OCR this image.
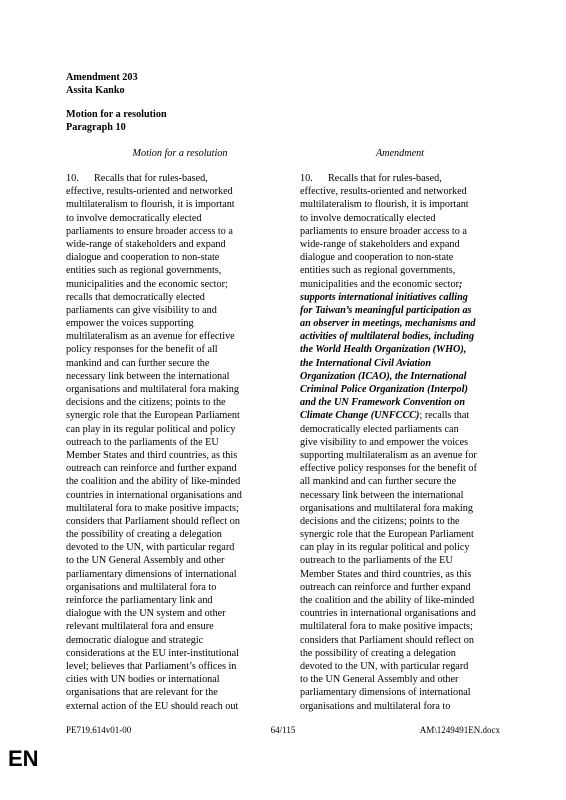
Amendment 203
Assita Kanko
Motion for a resolution
Paragraph 10
Motion for a resolution	Amendment
10.      Recalls that for rules-based,
effective, results-oriented and networked
multilateralism to flourish, it is important
to involve democratically elected
parliaments to ensure broader access to a
wide-range of stakeholders and expand
dialogue and cooperation to non-state
entities such as regional governments,
municipalities and the economic sector;
recalls that democratically elected
parliaments can give visibility to and
empower the voices supporting
multilateralism as an avenue for effective
policy responses for the benefit of all
mankind and can further secure the
necessary link between the international
organisations and multilateral fora making
decisions and the citizens; points to the
synergic role that the European Parliament
can play in its regular political and policy
outreach to the parliaments of the EU
Member States and third countries, as this
outreach can reinforce and further expand
the coalition and the ability of like-minded
countries in international organisations and
multilateral fora to make positive impacts;
considers that Parliament should reflect on
the possibility of creating a delegation
devoted to the UN, with particular regard
to the UN General Assembly and other
parliamentary dimensions of international
organisations and multilateral fora to
reinforce the parliamentary link and
dialogue with the UN system and other
relevant multilateral fora and ensure
democratic dialogue and strategic
considerations at the EU inter-institutional
level; believes that Parliament’s offices in
cities with UN bodies or international
organisations that are relevant for the
external action of the EU should reach out
10.      Recalls that for rules-based,
effective, results-oriented and networked
multilateralism to flourish, it is important
to involve democratically elected
parliaments to ensure broader access to a
wide-range of stakeholders and expand
dialogue and cooperation to non-state
entities such as regional governments,
municipalities and the economic sector;
supports international initiatives calling
for Taiwan’s meaningful participation as
an observer in meetings, mechanisms and
activities of multilateral bodies, including
the World Health Organization (WHO),
the International Civil Aviation
Organization (ICAO), the International
Criminal Police Organization (Interpol)
and the UN Framework Convention on
Climate Change (UNFCCC); recalls that
democratically elected parliaments can
give visibility to and empower the voices
supporting multilateralism as an avenue for
effective policy responses for the benefit of
all mankind and can further secure the
necessary link between the international
organisations and multilateral fora making
decisions and the citizens; points to the
synergic role that the European Parliament
can play in its regular political and policy
outreach to the parliaments of the EU
Member States and third countries, as this
outreach can reinforce and further expand
the coalition and the ability of like-minded
countries in international organisations and
multilateral fora to make positive impacts;
considers that Parliament should reflect on
the possibility of creating a delegation
devoted to the UN, with particular regard
to the UN General Assembly and other
parliamentary dimensions of international
organisations and multilateral fora to
PE719.614v01-00	64/115	AM\1249491EN.docx
EN
